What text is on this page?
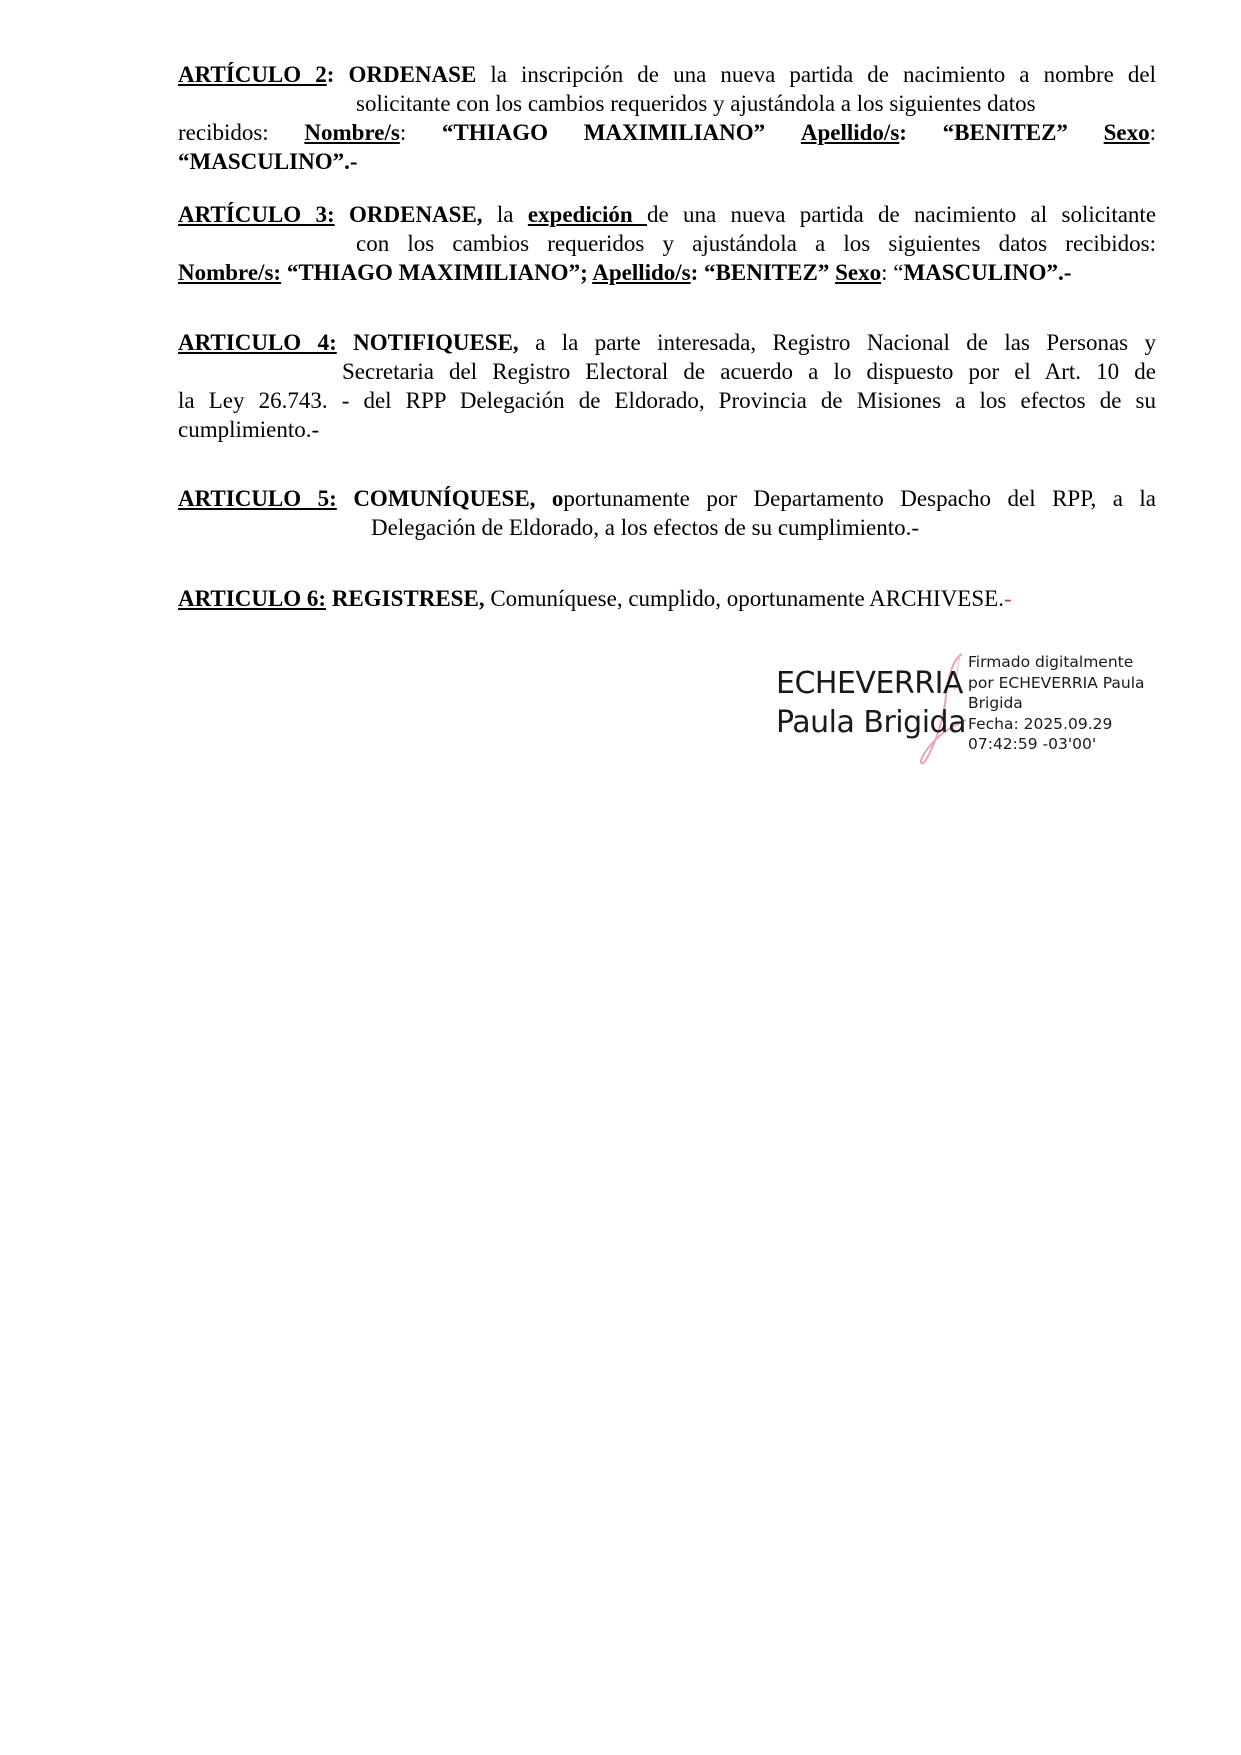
ARTÍCULO 2: ORDENASE la inscripción de una nueva partida de nacimiento a nombre del

solicitante con los cambios requeridos y ajustándola a los siguientes datos

recibidos: Nombre/s: “THIAGO MAXIMILIANO” Apellido/s: “BENITEZ” Sexo:

“MASCULINO”.-

ARTÍCULO 3: ORDENASE, la expedición de una nueva partida de nacimiento al solicitante

con los cambios requeridos y ajustándola a los siguientes datos recibidos:

Nombre/s: “THIAGO MAXIMILIANO”; Apellido/s: “BENITEZ” Sexo: “MASCULINO”.-

ARTICULO 4: NOTIFIQUESE, a la parte interesada, Registro Nacional de las Personas y

Secretaria del Registro Electoral de acuerdo a lo dispuesto por el Art. 10 de

la Ley 26.743. - del RPP Delegación de Eldorado, Provincia de Misiones a los efectos de su

cumplimiento.-

ARTICULO 5: COMUNÍQUESE, oportunamente por Departamento Despacho del RPP, a la

Delegación de Eldorado, a los efectos de su cumplimiento.-

ARTICULO 6: REGISTRESE, Comuníquese, cumplido, oportunamente ARCHIVESE.-

ECHEVERRIA
Paula Brigida
Firmado digitalmente
por ECHEVERRIA Paula
Brigida
Fecha: 2025.09.29
07:42:59 -03'00'
